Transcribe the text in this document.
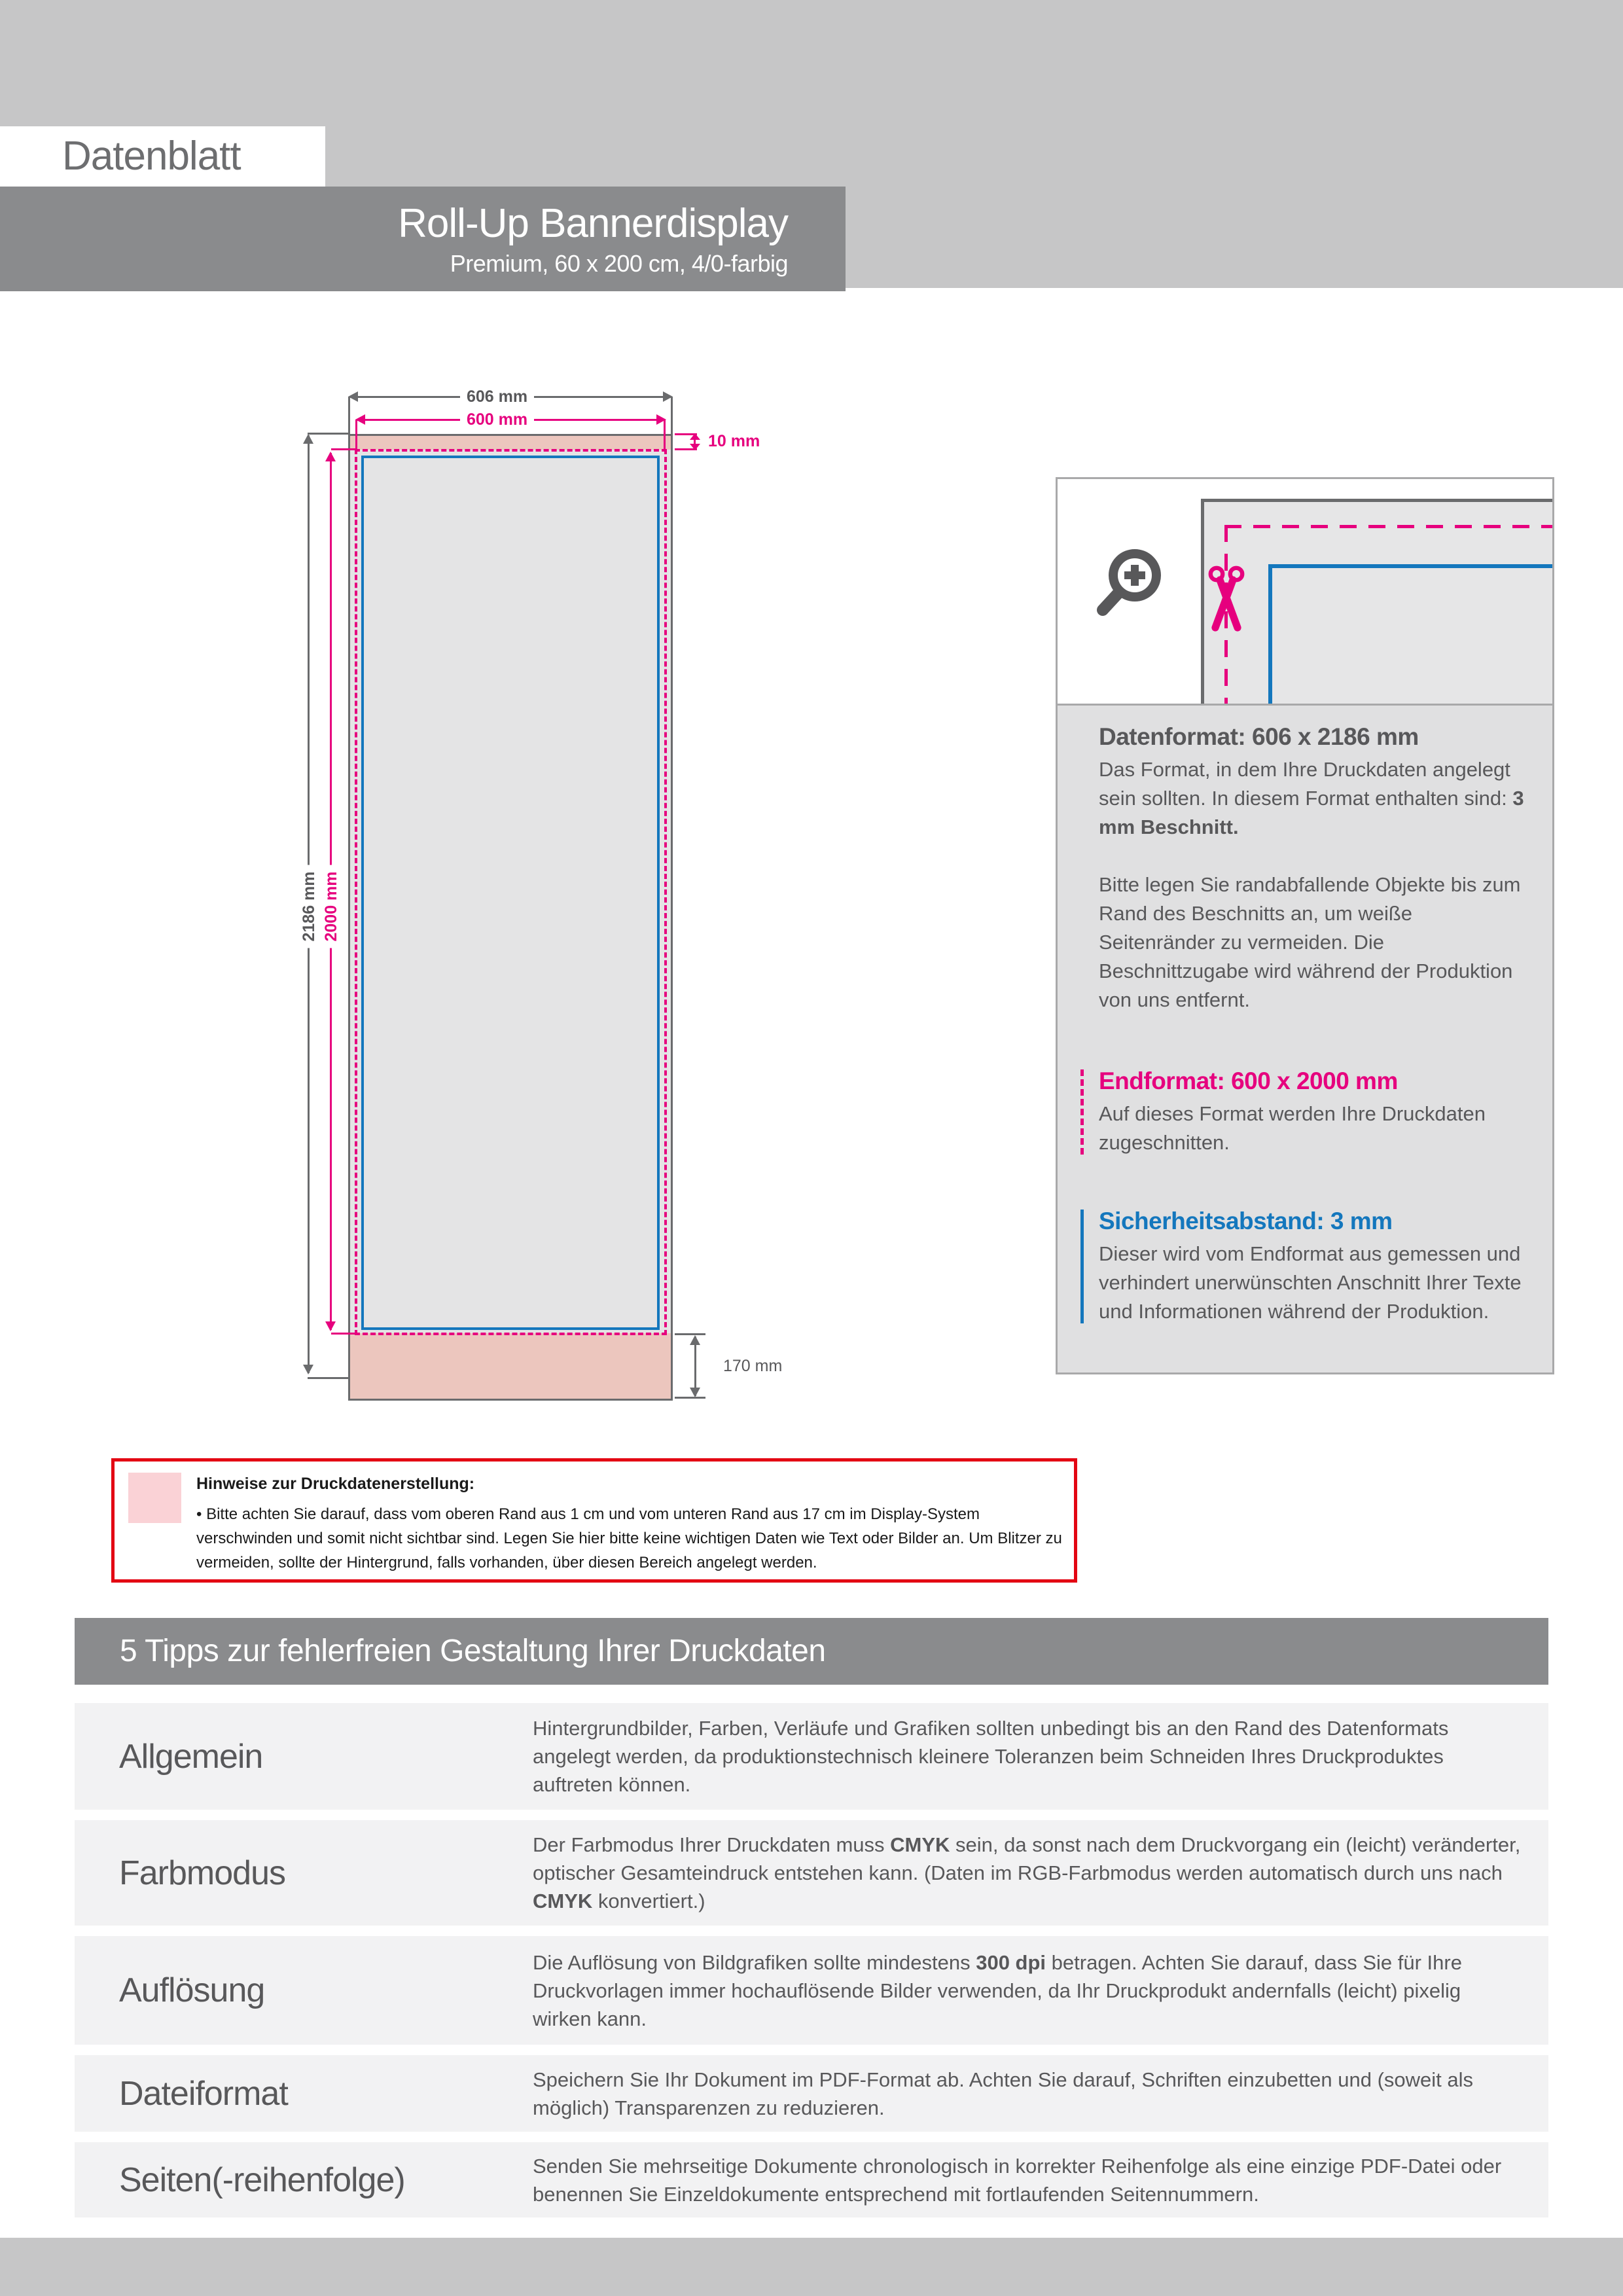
Datenblatt
Roll-Up Bannerdisplay
Premium, 60 x 200 cm, 4/0-farbig
606 mm
600 mm
10 mm
2186 mm 2000 mm
170 mm
Datenformat: 606 x 2186 mm

Das Format, in dem Ihre Druckdaten angelegt sein sollten. In diesem Format enthalten sind: 3 mm Beschnitt.

Bitte legen Sie randabfallende Objekte bis zum Rand des Beschnitts an, um weiße Seitenränder zu vermeiden. Die Beschnittzugabe wird während der Produktion von uns entfernt.

Endformat: 600 x 2000 mm

Auf dieses Format werden Ihre Druckdaten zugeschnitten.

Sicherheitsabstand: 3 mm

Dieser wird vom Endformat aus gemessen und verhindert unerwünschten Anschnitt Ihrer Texte und Informationen während der Produktion.

Hinweise zur Druckdatenerstellung:
• Bitte achten Sie darauf, dass vom oberen Rand aus 1 cm und vom unteren Rand aus 17 cm im Display-System verschwinden und somit nicht sichtbar sind. Legen Sie hier bitte keine wichtigen Daten wie Text oder Bilder an. Um Blitzer zu vermeiden, sollte der Hintergrund, falls vorhanden, über diesen Bereich angelegt werden.
5 Tipps zur fehlerfreien Gestaltung Ihrer Druckdaten
Allgemein
Hintergrundbilder, Farben, Verläufe und Grafiken sollten unbedingt bis an den Rand des Datenformats angelegt werden, da produktionstechnisch kleinere Toleranzen beim Schneiden Ihres Druckproduktes auftreten können.
Farbmodus
Der Farbmodus Ihrer Druckdaten muss CMYK sein, da sonst nach dem Druckvorgang ein (leicht) veränderter, optischer Gesamteindruck entstehen kann. (Daten im RGB-Farbmodus werden automatisch durch uns nach CMYK konvertiert.)
Auflösung
Die Auflösung von Bildgrafiken sollte mindestens 300 dpi betragen. Achten Sie darauf, dass Sie für Ihre Druckvorlagen immer hochauflösende Bilder verwenden, da Ihr Druckprodukt andernfalls (leicht) pixelig wirken kann.
Dateiformat	Speichern Sie Ihr Dokument im PDF-Format ab. Achten Sie darauf, Schriften einzubetten und (soweit als möglich) Transparenzen zu reduzieren.
Seiten(-reihenfolge)	Senden Sie mehrseitige Dokumente chronologisch in korrekter Reihenfolge als eine einzige PDF-Datei oder benennen Sie Einzeldokumente entsprechend mit fortlaufenden Seitennummern.
